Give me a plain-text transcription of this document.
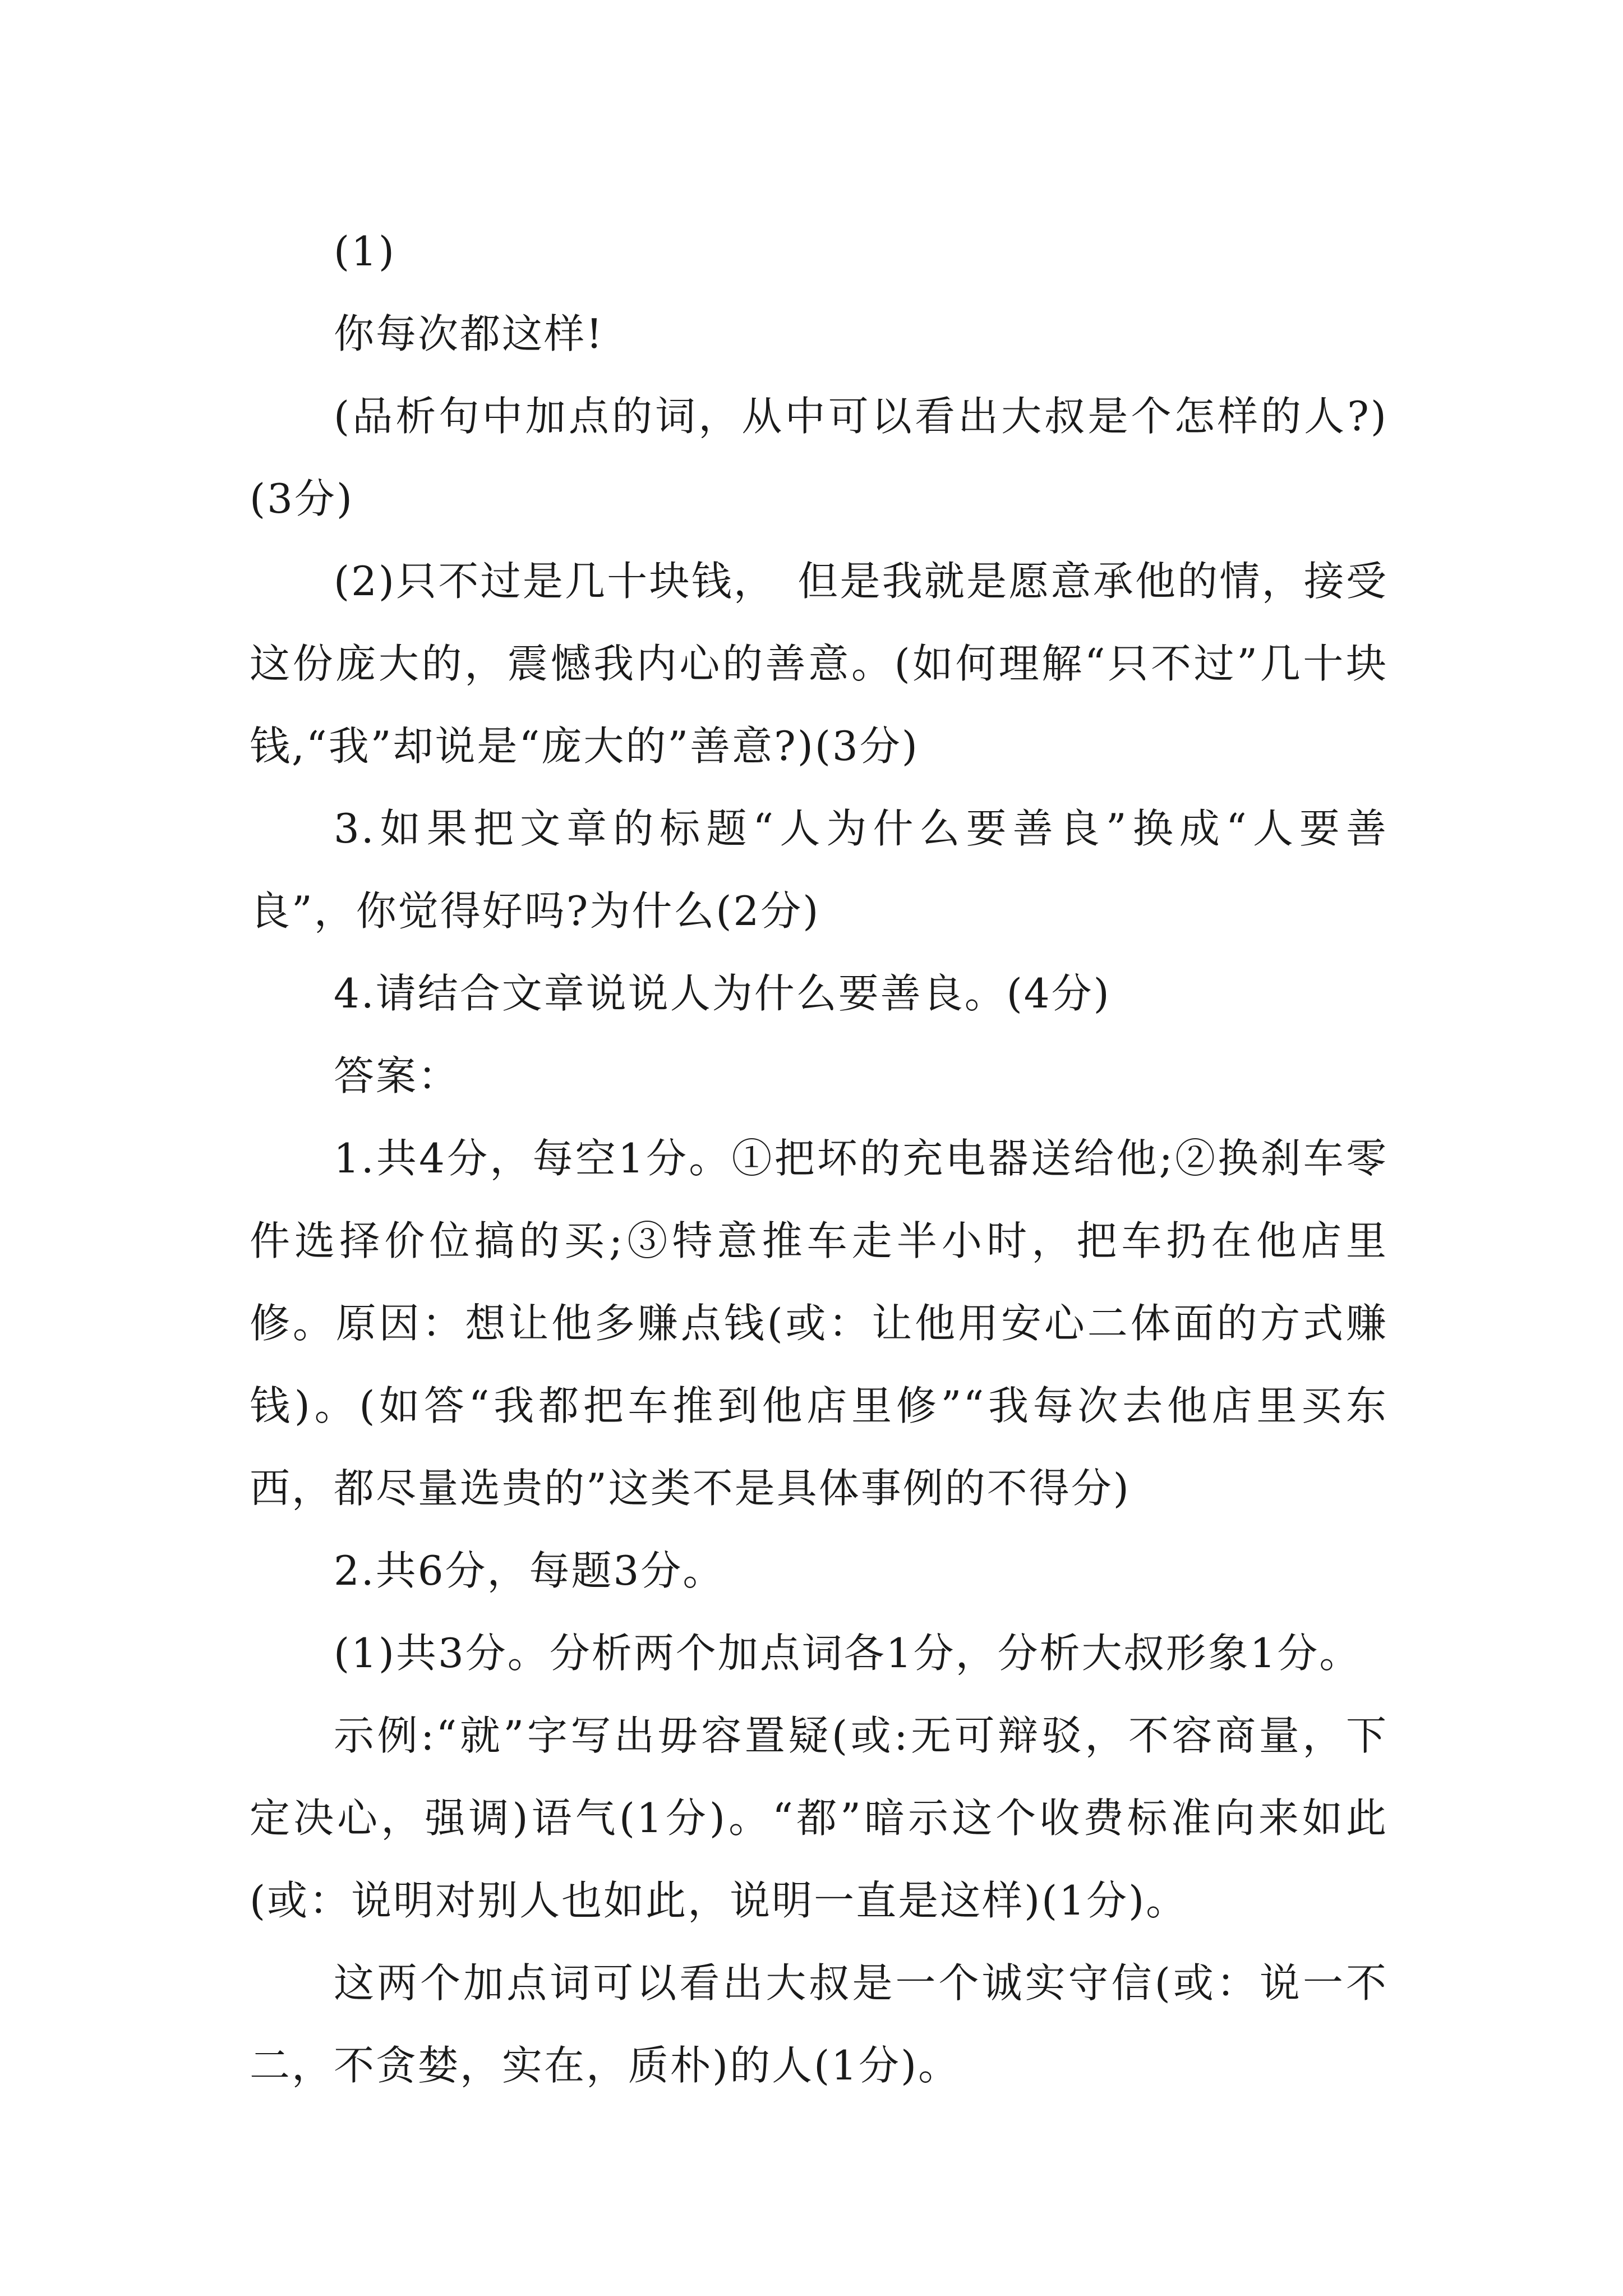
(1)

你每次都这样!

(品析句中加点的词，从中可以看出大叔是个怎样的人?)(3分)

(2)只不过是几十块钱，　但是我就是愿意承他的情，接受这份庞大的，震憾我内心的善意。(如何理解“只不过”几十块钱,“我”却说是“庞大的”善意?)(3分)

3.如果把文章的标题“人为什么要善良”换成“人要善良”，你觉得好吗?为什么(2分)

4.请结合文章说说人为什么要善良。(4分)

答案：

1.共4分，每空1分。①把坏的充电器送给他;②换刹车零件选择价位搞的买;③特意推车走半小时，把车扔在他店里修。原因：想让他多赚点钱(或：让他用安心二体面的方式赚钱)。(如答“我都把车推到他店里修”“我每次去他店里买东西，都尽量选贵的”这类不是具体事例的不得分)

2.共6分，每题3分。

(1)共3分。分析两个加点词各1分，分析大叔形象1分。

示例:“就”字写出毋容置疑(或:无可辩驳，不容商量，下定决心，强调)语气(1分)。“都”暗示这个收费标准向来如此(或：说明对别人也如此，说明一直是这样)(1分)。

这两个加点词可以看出大叔是一个诚实守信(或：说一不二，不贪婪，实在，质朴)的人(1分)。
